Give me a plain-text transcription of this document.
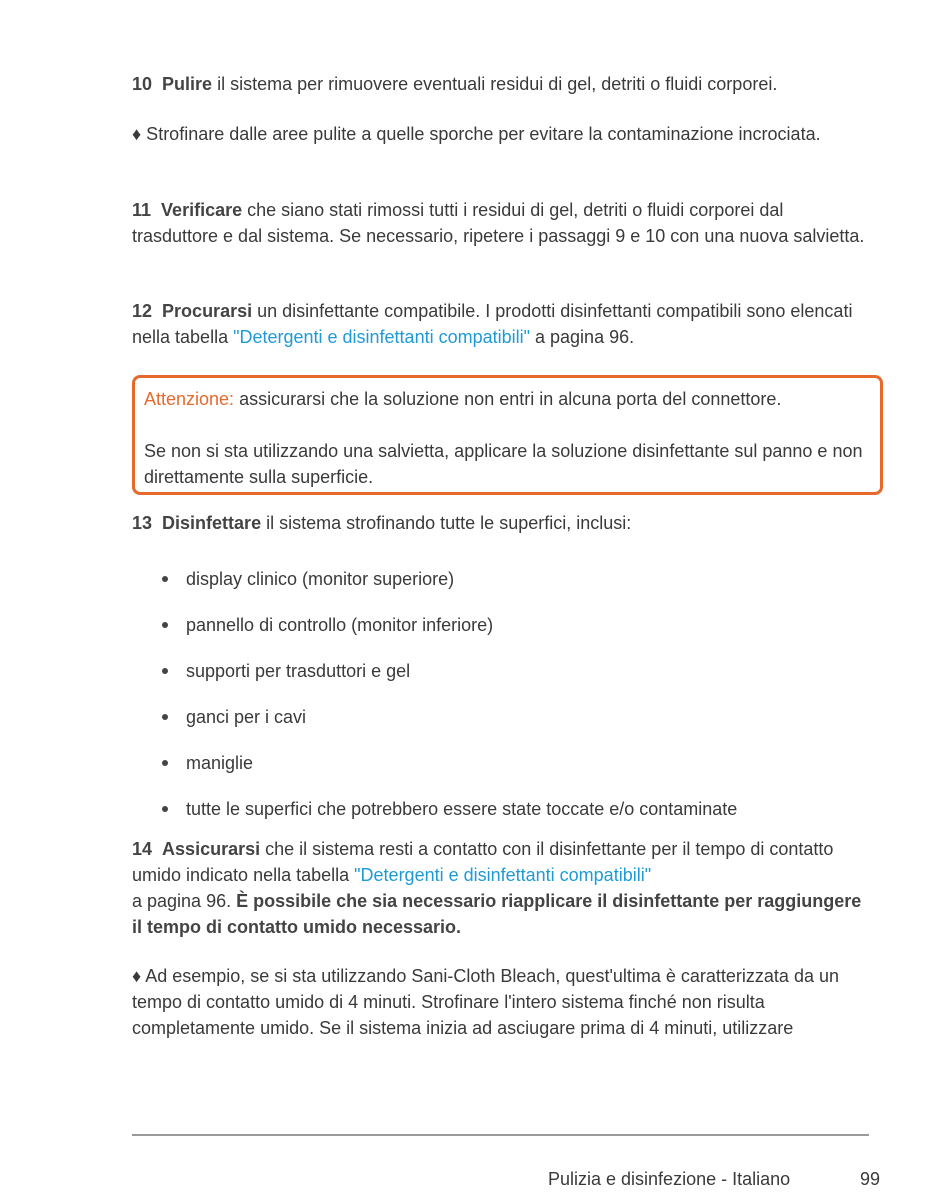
10 Pulire il sistema per rimuovere eventuali residui di gel, detriti o fluidi corporei.

♦ Strofinare dalle aree pulite a quelle sporche per evitare la contaminazione incrociata.

11 Verificare che siano stati rimossi tutti i residui di gel, detriti o fluidi corporei dal trasduttore e dal sistema. Se necessario, ripetere i passaggi 9 e 10 con una nuova salvietta.

12 Procurarsi un disinfettante compatibile. I prodotti disinfettanti compatibili sono elencati nella tabella "Detergenti e disinfettanti compatibili" a pagina 96.

Attenzione: assicurarsi che la soluzione non entri in alcuna porta del connettore.

Se non si sta utilizzando una salvietta, applicare la soluzione disinfettante sul panno e non direttamente sulla superficie.

13 Disinfettare il sistema strofinando tutte le superfici, inclusi:

display clinico (monitor superiore)
pannello di controllo (monitor inferiore)
supporti per trasduttori e gel
ganci per i cavi
maniglie
tutte le superfici che potrebbero essere state toccate e/o contaminate

14 Assicurarsi che il sistema resti a contatto con il disinfettante per il tempo di contatto umido indicato nella tabella "Detergenti e disinfettanti compatibili"
a pagina 96. È possibile che sia necessario riapplicare il disinfettante per raggiungere il tempo di contatto umido necessario.

♦ Ad esempio, se si sta utilizzando Sani-Cloth Bleach, quest'ultima è caratterizzata da un tempo di contatto umido di 4 minuti. Strofinare l'intero sistema finché non risulta completamente umido. Se il sistema inizia ad asciugare prima di 4 minuti, utilizzare

Pulizia e disinfezione - Italiano	99
